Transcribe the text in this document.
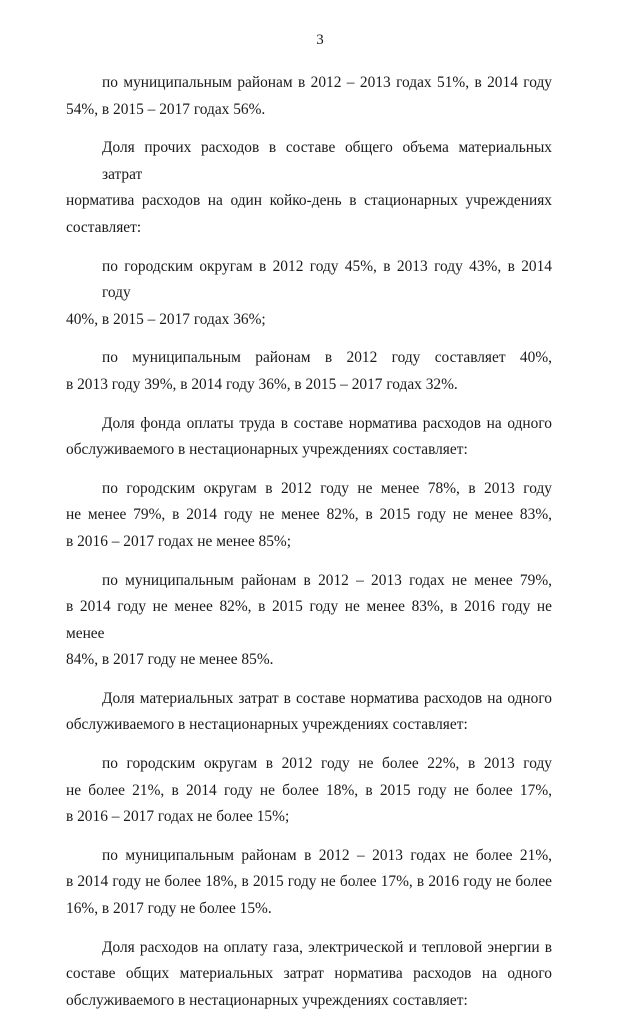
3
по муниципальным районам в 2012 – 2013 годах 51%, в 2014 году
54%, в 2015 – 2017 годах 56%.
Доля прочих расходов в составе общего объема материальных затрат
норматива расходов на один койко-день в стационарных учреждениях
составляет:
по городским округам в 2012 году 45%, в 2013 году 43%, в 2014 году
40%, в 2015 – 2017 годах 36%;
по муниципальным районам в 2012 году составляет 40%,
в 2013 году 39%, в 2014 году 36%, в 2015 – 2017 годах 32%.
Доля фонда оплаты труда в составе норматива расходов на одного
обслуживаемого в нестационарных учреждениях составляет:
по городским округам в 2012 году не менее 78%, в 2013 году
не менее 79%, в 2014 году не менее 82%, в 2015 году не менее 83%,
в 2016 – 2017 годах не менее 85%;
по муниципальным районам в 2012 – 2013 годах не менее 79%,
в 2014 году не менее 82%, в 2015 году не менее 83%, в 2016 году не менее
84%, в 2017 году не менее 85%.
Доля материальных затрат в составе норматива расходов на одного
обслуживаемого в нестационарных учреждениях составляет:
по городским округам в 2012 году не более 22%, в 2013 году
не более 21%, в 2014 году не более 18%, в 2015 году не более 17%,
в 2016 – 2017 годах не более 15%;
по муниципальным районам в 2012 – 2013 годах не более 21%,
в 2014 году не более 18%, в 2015 году не более 17%, в 2016 году не более
16%, в 2017 году не более 15%.
Доля расходов на оплату газа, электрической и тепловой энергии в
составе общих материальных затрат норматива расходов на одного
обслуживаемого в нестационарных учреждениях составляет:
